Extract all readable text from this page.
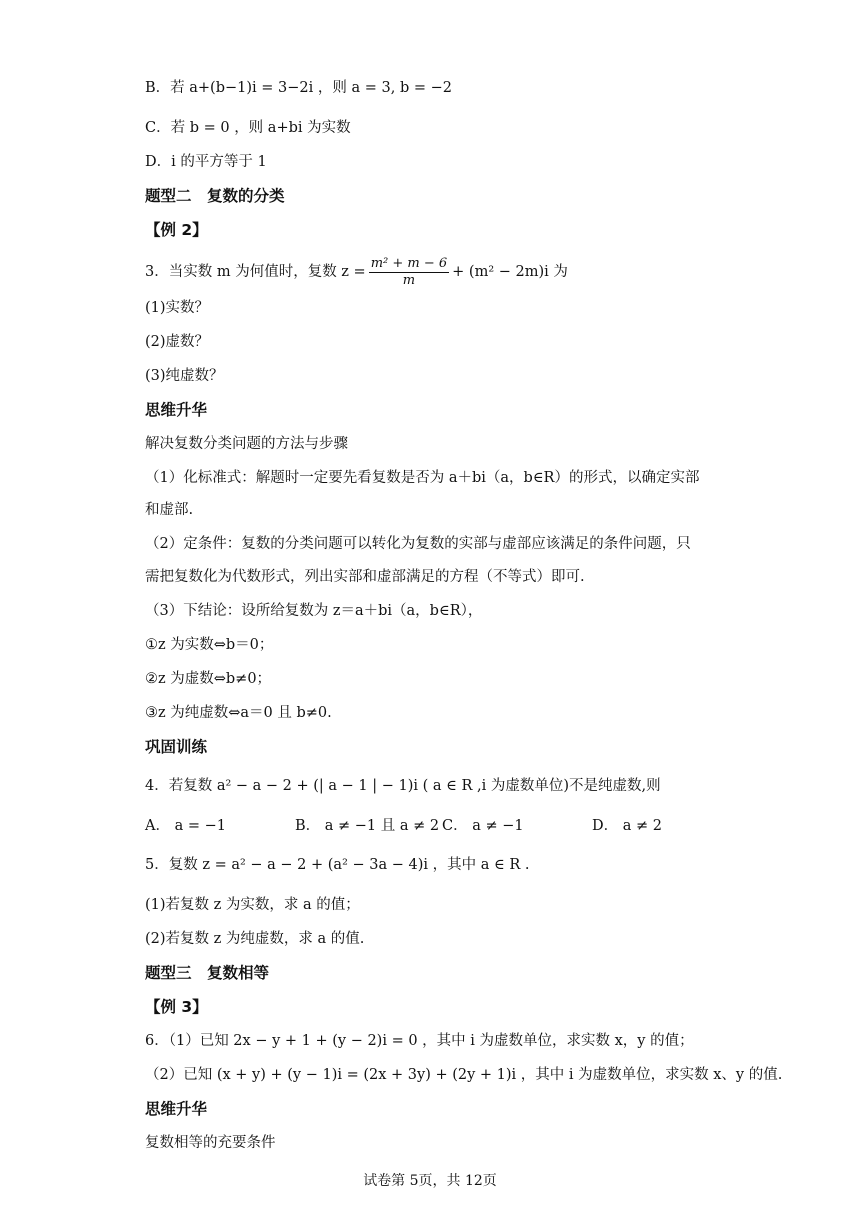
B．若 a+(b−1)i = 3−2i ，则 a = 3, b = −2
C．若 b = 0 ，则 a+bi 为实数
D．i 的平方等于 1
题型二　复数的分类
【例 2】
3．当实数 m 为何值时，复数 $z = \frac{\text{m² + m − 6}}{m} + (m^2 - 2m)i$ 为
(1)实数？
(2)虚数？
(3)纯虚数？
思维升华
解决复数分类问题的方法与步骤
（1）化标准式：解题时一定要先看复数是否为 a＋bi（a，b∈R）的形式，以确定实部
和虚部.
（2）定条件：复数的分类问题可以转化为复数的实部与虚部应该满足的条件问题，只
需把复数化为代数形式，列出实部和虚部满足的方程（不等式）即可.
（3）下结论：设所给复数为 z＝a＋bi（a，b∈R），
①z 为实数⇔b＝0；
②z 为虚数⇔b≠0；
③z 为纯虚数⇔a＝0 且 b≠0.
巩固训练
4．若复数 a² − a − 2 + (| a − 1 | − 1)i ( a ∈ R ,i 为虚数单位)不是纯虚数,则
A． a = −1	B． a ≠ −1 且 a ≠ 2 C． a ≠ −1	D． a ≠ 2
5．复数 z = a² − a − 2 + (a² − 3a − 4)i ，其中 a ∈ R .
(1)若复数 z 为实数，求 a 的值；
(2)若复数 z 为纯虚数，求 a 的值.
题型三　复数相等
【例 3】
6．（1）已知 2x − y + 1 + (y − 2)i = 0 ，其中 i 为虚数单位，求实数 x，y 的值；
（2）已知 (x + y) + (y − 1)i = (2x + 3y) + (2y + 1)i ，其中 i 为虚数单位，求实数 x、y 的值.
思维升华
复数相等的充要条件
试卷第 5页，共 12页
